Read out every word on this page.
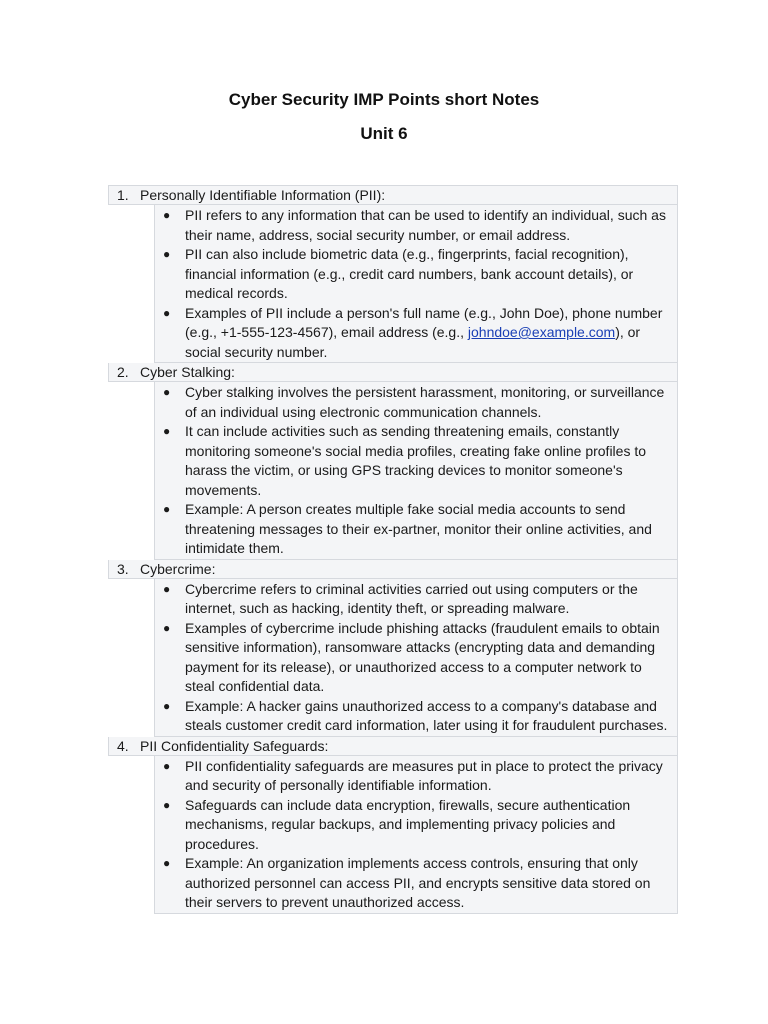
Cyber Security IMP Points short Notes
Unit 6
1. Personally Identifiable Information (PII):
● PII refers to any information that can be used to identify an individual, such as their name, address, social security number, or email address.
● PII can also include biometric data (e.g., fingerprints, facial recognition), financial information (e.g., credit card numbers, bank account details), or medical records.
● Examples of PII include a person's full name (e.g., John Doe), phone number (e.g., +1-555-123-4567), email address (e.g., johndoe@example.com), or social security number.
2. Cyber Stalking:
● Cyber stalking involves the persistent harassment, monitoring, or surveillance of an individual using electronic communication channels.
● It can include activities such as sending threatening emails, constantly monitoring someone's social media profiles, creating fake online profiles to harass the victim, or using GPS tracking devices to monitor someone's movements.
● Example: A person creates multiple fake social media accounts to send threatening messages to their ex-partner, monitor their online activities, and intimidate them.
3. Cybercrime:
● Cybercrime refers to criminal activities carried out using computers or the internet, such as hacking, identity theft, or spreading malware.
● Examples of cybercrime include phishing attacks (fraudulent emails to obtain sensitive information), ransomware attacks (encrypting data and demanding payment for its release), or unauthorized access to a computer network to steal confidential data.
● Example: A hacker gains unauthorized access to a company's database and steals customer credit card information, later using it for fraudulent purchases.
4. PII Confidentiality Safeguards:
● PII confidentiality safeguards are measures put in place to protect the privacy and security of personally identifiable information.
● Safeguards can include data encryption, firewalls, secure authentication mechanisms, regular backups, and implementing privacy policies and procedures.
● Example: An organization implements access controls, ensuring that only authorized personnel can access PII, and encrypts sensitive data stored on their servers to prevent unauthorized access.
